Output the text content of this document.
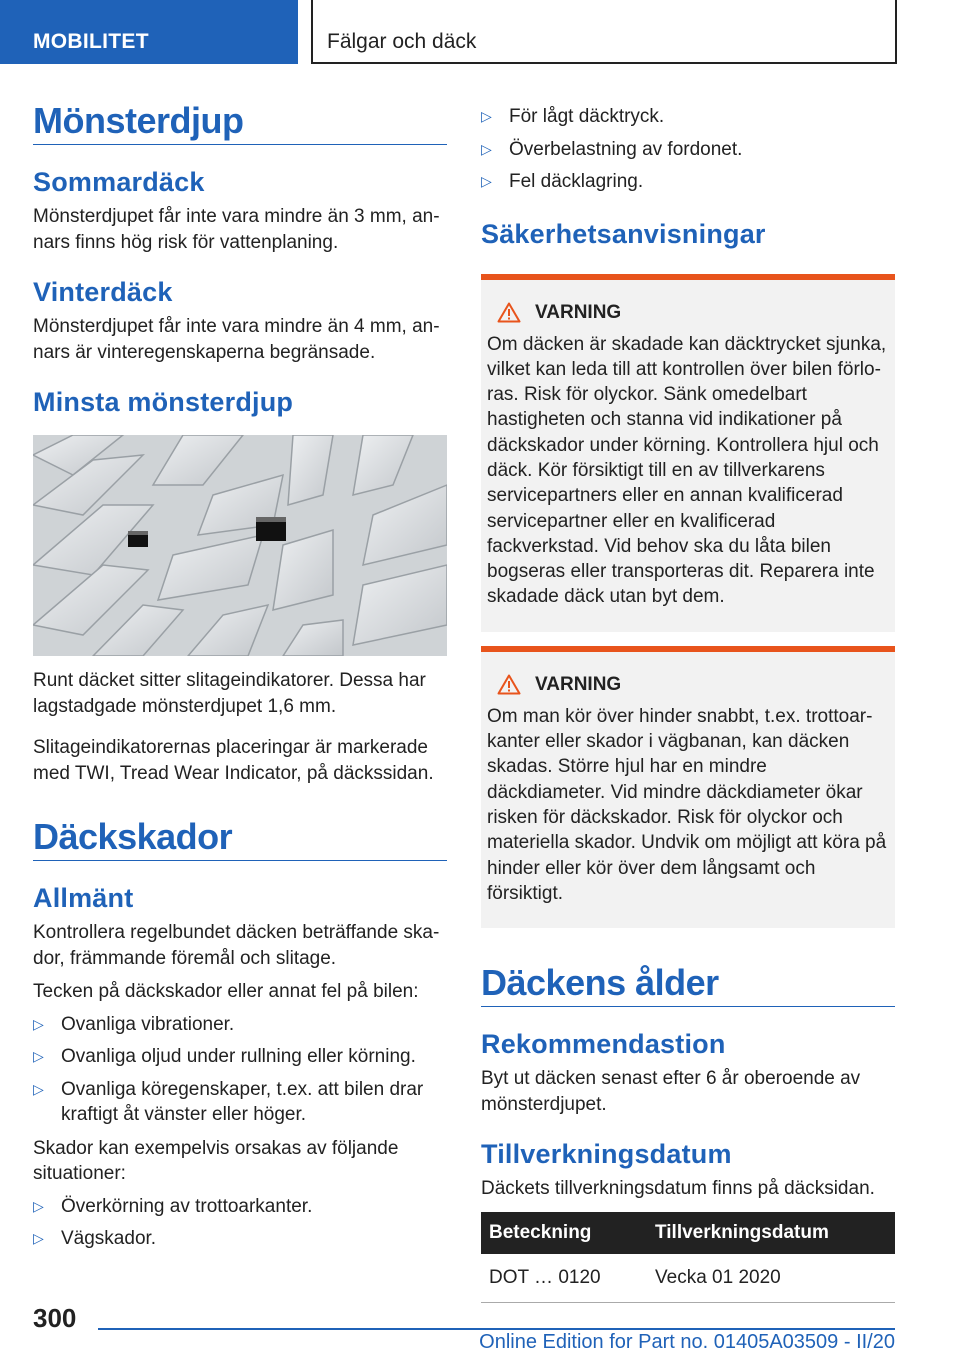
MOBILITET	Fälgar och däck
Mönsterdjup
Sommardäck

Mönsterdjupet får inte vara mindre än 3 mm, annars finns hög risk för vattenplaning.

Vinterdäck

Mönsterdjupet får inte vara mindre än 4 mm, annars är vinteregenskaperna begränsade.

Minsta mönsterdjup

Runt däcket sitter slitageindikatorer. Dessa har lagstadgade mönsterdjupet 1,6 mm.

Slitageindikatorernas placeringar är markerade med TWI, Tread Wear Indicator, på däckssidan.

Däckskador
Allmänt

Kontrollera regelbundet däcken beträffande skador, främmande föremål och slitage.

Tecken på däckskador eller annat fel på bilen:

▷ Ovanliga vibrationer.
▷ Ovanliga oljud under rullning eller körning.
▷ Ovanliga köregenskaper, t.ex. att bilen drar kraftigt åt vänster eller höger.

Skador kan exempelvis orsakas av följande situationer:

▷ Överkörning av trottoarkanter.
▷ Vägskador.
▷ För lågt däcktryck.
▷ Överbelastning av fordonet.
▷ Fel däcklagring.
Säkerhetsanvisningar
VARNING

Om däcken är skadade kan däcktrycket sjunka, vilket kan leda till att kontrollen över bilen förloras. Risk för olyckor. Sänk omedelbart hastigheten och stanna vid indikationer på däckskador under körning. Kontrollera hjul och däck. Kör försiktigt till en av tillverkarens servicepartners eller en annan kvalificerad servicepartner eller en kvalificerad fackverkstad. Vid behov ska du låta bilen bogseras eller transporteras dit. Reparera inte skadade däck utan byt dem.

VARNING

Om man kör över hinder snabbt, t.ex. trottoarkanter eller skador i vägbanan, kan däcken skadas. Större hjul har en mindre däckdiameter. Vid mindre däckdiameter ökar risken för däckskador. Risk för olyckor och materiella skador. Undvik om möjligt att köra på hinder eller kör över dem långsamt och försiktigt.

Däckens ålder
Rekommendastion

Byt ut däcken senast efter 6 år oberoende av mönsterdjupet.

Tillverkningsdatum

Däckets tillverkningsdatum finns på däcksidan.

Beteckning	Tillverkningsdatum
DOT … 0120	Vecka 01 2020
300
Online Edition for Part no. 01405A03509 - II/20
